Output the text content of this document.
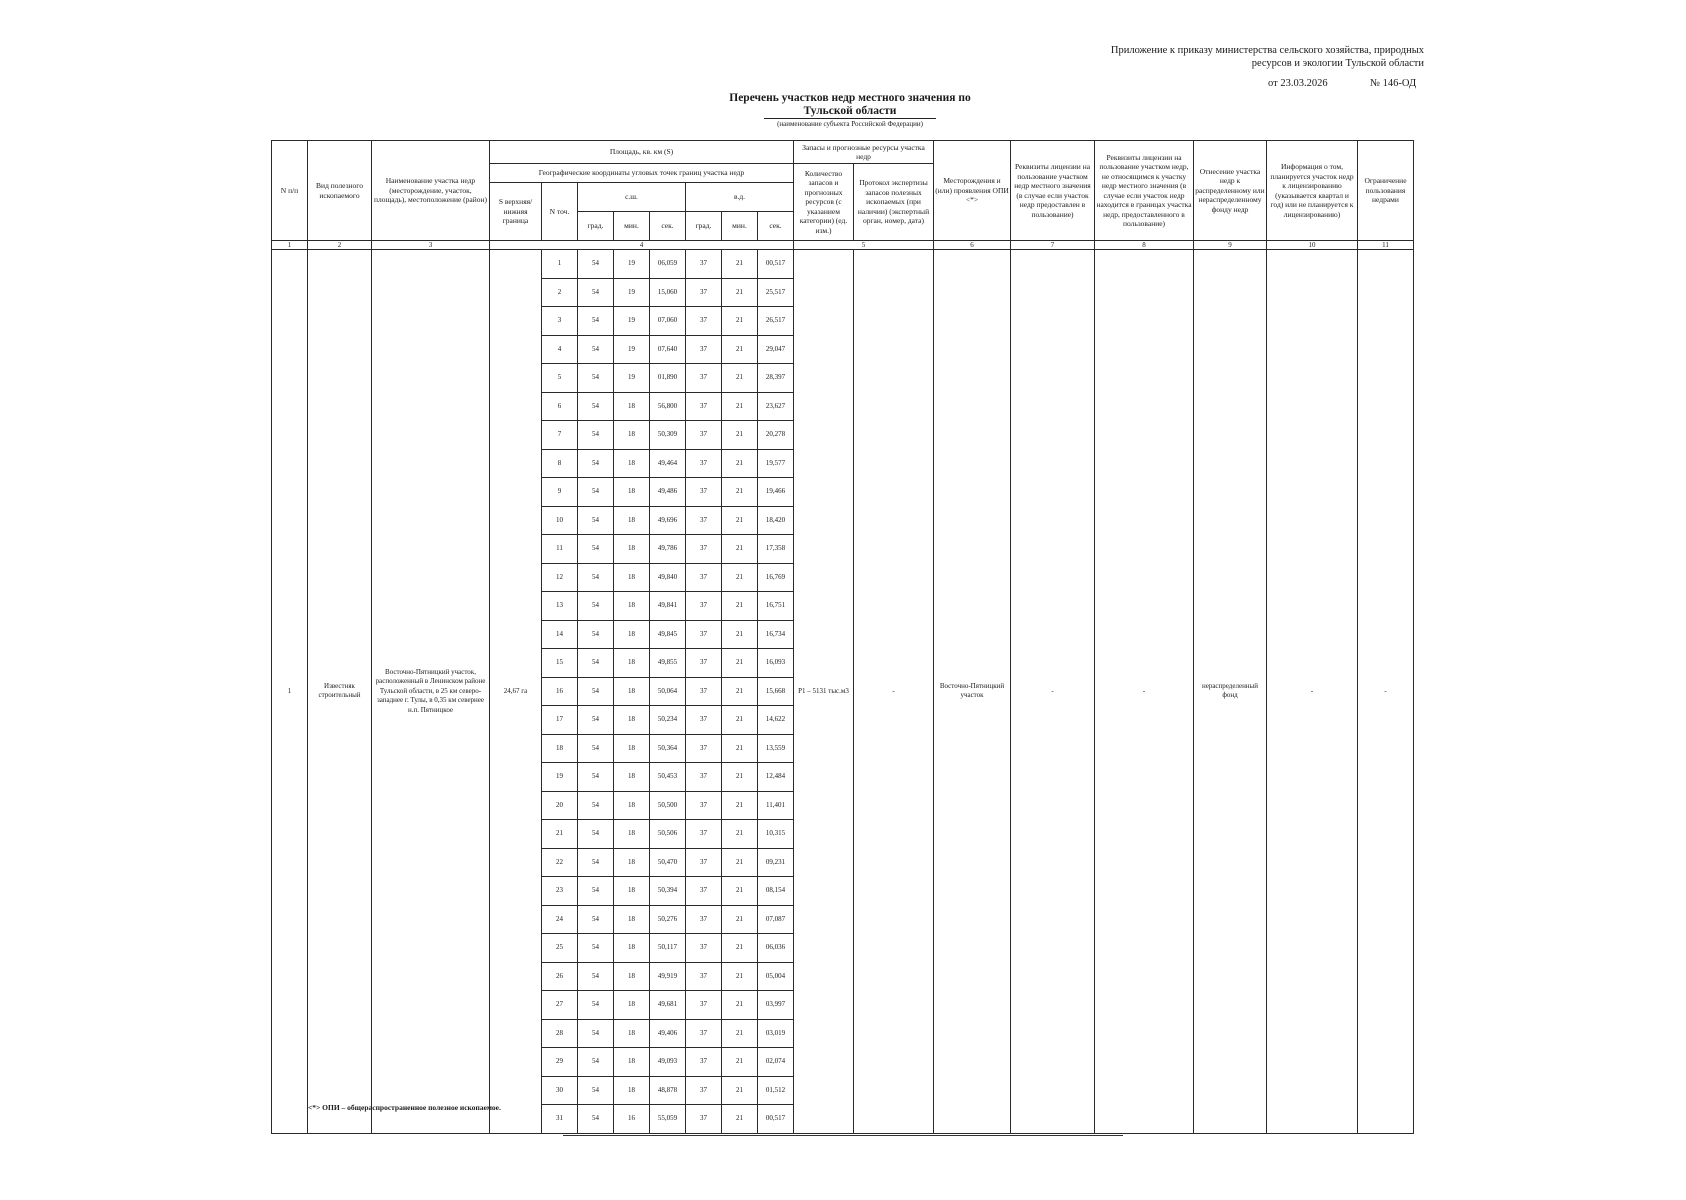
Приложение к приказу министерства сельского хозяйства, природных
ресурсов и экологии Тульской области
от 23.03.2026	№ 146-ОД
Перечень участков недр местного значения по
Тульской области
(наименование субъекта Российской Федерации)
N п/п	Вид полезного ископаемого	Наименование участка недр (месторождение, участок, площадь), местоположение (район)	Площадь, кв. км (S)								Запасы и прогнозные ресурсы участка недр		Месторождения и (или) проявления ОПИ <*>	Реквизиты лицензии на пользование участком недр местного значения (в случае если участок недр предоставлен в пользование)	Реквизиты лицензии на пользование участком недр, не относящимся к участку недр местного значения (в случае если участок недр находится в границах участка недр, предоставленного в пользование)	Отнесение участка недр к распределенному или нераспределенному фонду недр	Информация о том, планируется участок недр к лицензированию (указывается квартал и год) или не планируется к лицензированию)	Ограничение пользования недрами
			Географические координаты угловых точек границ участка недр								Количество запасов и прогнозных ресурсов (с указанием категории) (ед. изм.)	Протокол экспертизы запасов полезных ископаемых (при наличии) (экспертный орган, номер, дата)						
			S верхняя/ нижняя граница	N точ.	с.ш.			в.д.										
					град.	мин.	сек.	град.	мин.	сек.								
1	2	3	4								5		6	7	8	9	10	11
1	Известняк строительный	Восточно-Пятницкий участок, расположенный в Ленинском районе Тульской области, в 25 км северо-западнее г. Тулы, в 0,35 км севернее н.п. Пятницкое	24,67 га	1	54	19	06,059	37	21	00,517	P1 – 5131 тыс.м3	-	Восточно-Пятницкий участок	-	-	нераспределенный фонд	-	-
				2	54	19	15,060	37	21	25,517								
				3	54	19	07,060	37	21	26,517								
				4	54	19	07,640	37	21	29,047								
				5	54	19	01,890	37	21	28,397								
				6	54	18	56,800	37	21	23,627								
				7	54	18	50,309	37	21	20,278								
				8	54	18	49,464	37	21	19,577								
				9	54	18	49,486	37	21	19,466								
				10	54	18	49,696	37	21	18,420								
				11	54	18	49,786	37	21	17,358								
				12	54	18	49,840	37	21	16,769								
				13	54	18	49,841	37	21	16,751								
				14	54	18	49,845	37	21	16,734								
				15	54	18	49,855	37	21	16,093								
				16	54	18	50,064	37	21	15,668								
				17	54	18	50,234	37	21	14,622								
				18	54	18	50,364	37	21	13,559								
				19	54	18	50,453	37	21	12,484								
				20	54	18	50,500	37	21	11,401								
				21	54	18	50,506	37	21	10,315								
				22	54	18	50,470	37	21	09,231								
				23	54	18	50,394	37	21	08,154								
				24	54	18	50,276	37	21	07,087								
				25	54	18	50,117	37	21	06,036								
				26	54	18	49,919	37	21	05,004								
				27	54	18	49,681	37	21	03,997								
				28	54	18	49,406	37	21	03,019								
				29	54	18	49,093	37	21	02,074								
				30	54	18	48,878	37	21	01,512								
				31	54	16	55,059	37	21	00,517								
<*> ОПИ – общераспространенное полезное ископаемое.
